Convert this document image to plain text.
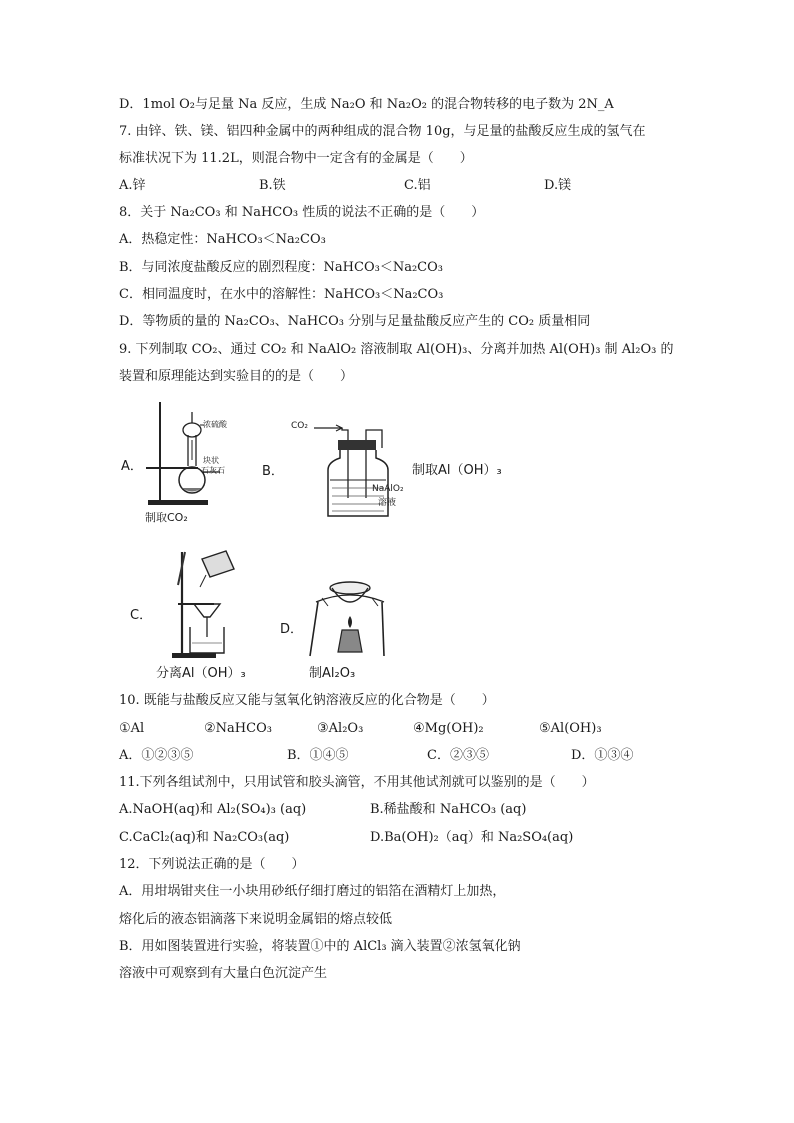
D．1mol O₂与足量 Na 反应，生成 Na₂O 和 Na₂O₂ 的混合物转移的电子数为 2N_A
7. 由锌、铁、镁、铝四种金属中的两种组成的混合物 10g，与足量的盐酸反应生成的氢气在
标准状况下为 11.2L，则混合物中一定含有的金属是（　　）
A.锌	B.铁	C.铝	D.镁
8．关于 Na₂CO₃ 和 NaHCO₃ 性质的说法不正确的是（　　）
A．热稳定性：NaHCO₃＜Na₂CO₃
B．与同浓度盐酸反应的剧烈程度：NaHCO₃＜Na₂CO₃
C．相同温度时，在水中的溶解性：NaHCO₃＜Na₂CO₃
D．等物质的量的 Na₂CO₃、NaHCO₃ 分别与足量盐酸反应产生的 CO₂ 质量相同
9. 下列制取 CO₂、通过 CO₂ 和 NaAlO₂ 溶液制取 Al(OH)₃、分离并加热 Al(OH)₃ 制 Al₂O₃ 的
装置和原理能达到实验目的的是（　　）
A．
浓硫酸
块状
石灰石
制取CO₂
B．
CO₂
NaAlO₂
溶液
制取Al（OH）₃
C．
分离Al（OH）₃
D．
制Al₂O₃
10. 既能与盐酸反应又能与氢氧化钠溶液反应的化合物是（　　）
①Al	②NaHCO₃	③Al₂O₃	④Mg(OH)₂	⑤Al(OH)₃
A．①②③⑤	B．①④⑤	C．②③⑤	D．①③④
11.下列各组试剂中，只用试管和胶头滴管，不用其他试剂就可以鉴别的是（　　）
A.NaOH(aq)和 Al₂(SO₄)₃ (aq)	B.稀盐酸和 NaHCO₃ (aq)
C.CaCl₂(aq)和 Na₂CO₃(aq)	D.Ba(OH)₂（aq）和 Na₂SO₄(aq)
12．下列说法正确的是（　　）
A．用坩埚钳夹住一小块用砂纸仔细打磨过的铝箔在酒精灯上加热，
熔化后的液态铝滴落下来说明金属铝的熔点较低
B．用如图装置进行实验，将装置①中的 AlCl₃ 滴入装置②浓氢氧化钠
溶液中可观察到有大量白色沉淀产生
